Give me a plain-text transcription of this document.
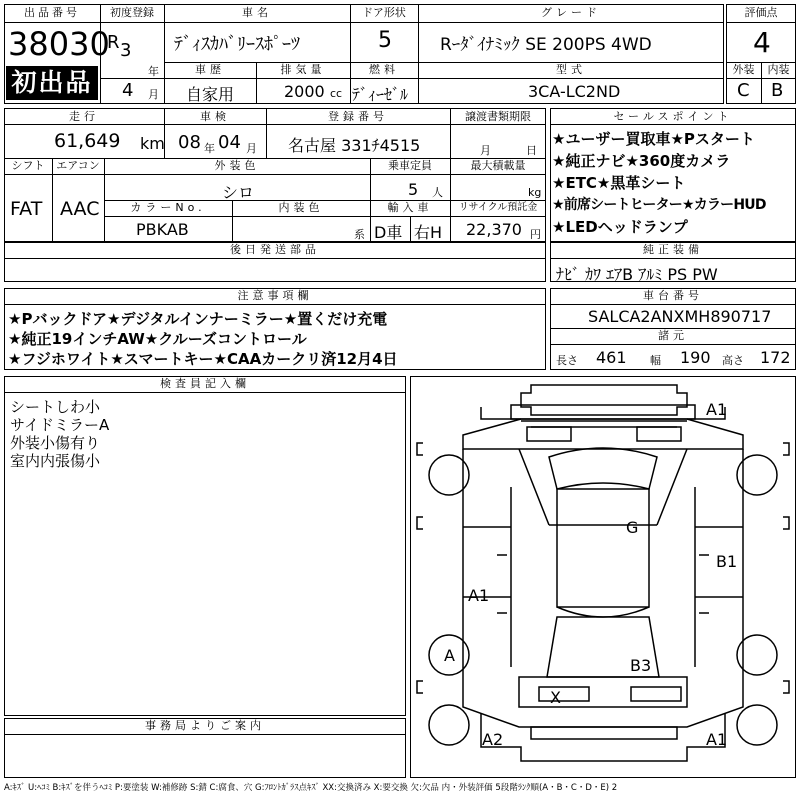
出品番号
38030
初出品
初度登録
R 3
年
4 月
車名
ﾃﾞｨｽｶﾊﾞﾘｰｽﾎﾟｰﾂ
ドア形状
5
グレード
Rｰﾀﾞｲﾅﾐｯｸ SE 200PS 4WD
車歴
自家用
排気量
2000 cc
燃料
ﾃﾞｨｰｾﾞﾙ
型式
3CA-LC2ND
評価点
4
外装	内装
C B
走行
61,649 km
車検
08 年 04 月
登録番号
名古屋 331ﾁ4515
譲渡書類期限
月	日
シフト
FAT
エアコン
AAC
外装色
シロ
乗車定員
5 人
最大積載量
kg
カラーNo.
PBKAB
内装色
系
輸入車
D車 右H
リサイクル預託金
22,370 円
後日発送部品
セールスポイント
★ユーザー買取車★Pスタート
★純正ナビ★360度カメラ
★ETC★黒革シート
★前席シートヒーター★カラーHUD
★LEDヘッドランプ
純正装備
ﾅﾋﾞ ｶﾜ ｴｱB ｱﾙﾐ PS PW
注意事項欄
★Pバックドア★デジタルインナーミラー★置くだけ充電
★純正19インチAW★クルーズコントロール
★フジホワイト★スマートキー★CAAカークリ済12月4日
車台番号
SALCA2ANXMH890717
諸元
長さ 461 幅 190 高さ 172
検査員記入欄
シートしわ小
サイドミラーA
外装小傷有り
室内内張傷小
事務局よりご案内
A1
B1
G
A1
A
B3
X
A2	A1
A:ｷｽﾞ U:ﾍｺﾐ B:ｷｽﾞを伴うﾍｺﾐ P:要塗装 W:補修跡 S:錆 C:腐食、穴 G:ﾌﾛﾝﾄｶﾞﾗｽ点ｷｽﾞ XX:交換済み X:要交換 欠:欠品 内・外装評価 5段階ﾗﾝｸ順(A・B・C・D・E) 2
